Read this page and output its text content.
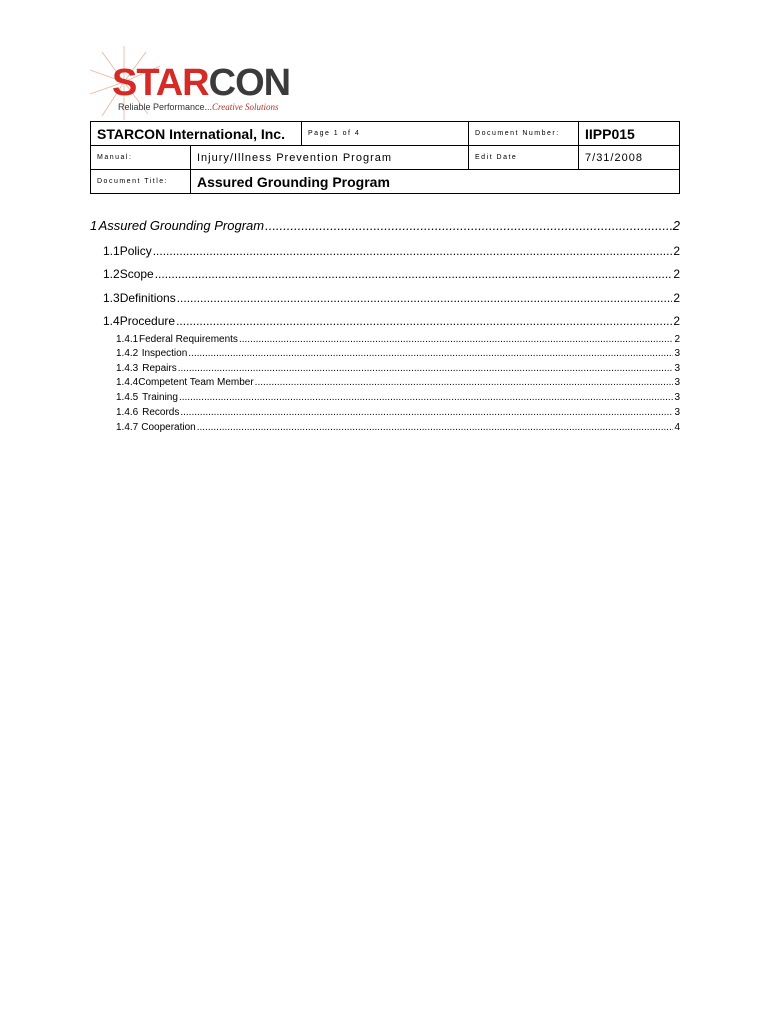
STARCON
Reliable Performance...Creative Solutions
STARCON International, Inc.		Page 1 of 4	Document Number:	IIPP015
Manual:	Injury/Illness Prevention Program		Edit Date	7/31/2008
Document Title:	Assured Grounding Program			
1 Assured Grounding Program .....	2
1.1 Policy .....	2
1.2 Scope .....	2
1.3 Definitions .....	2
1.4 Procedure .....	2
1.4.1 Federal Requirements .....	2
1.4.2 Inspection .....	3
1.4.3 Repairs .....	3
1.4.4 Competent Team Member .....	3
1.4.5 Training .....	3
1.4.6 Records .....	3
1.4.7 Cooperation .....	4
